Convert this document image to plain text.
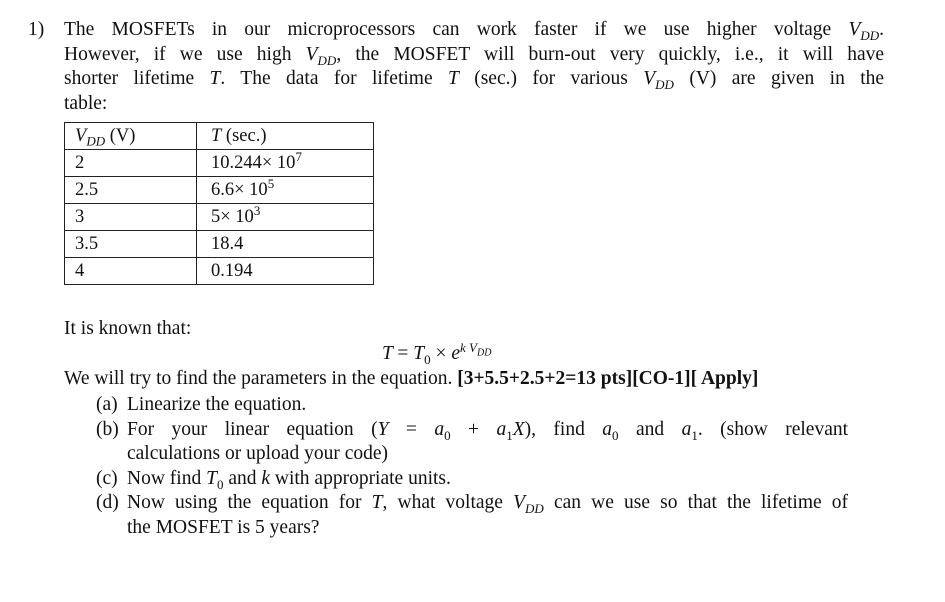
1) The MOSFETs in our microprocessors can work faster if we use higher voltage $V_{DD}$.
However, if we use high $V_{DD}$, the MOSFET will burn-out very quickly, i.e., it will have
shorter lifetime T. The data for lifetime T (sec.) for various $V_{DD}$ (V) are given in the
table:
$V_{DD}$ (V)	T (sec.)
2	$10.244\times 10^7$
2.5	$6.6\times 10^5$
3	$5\times 10^3$
3.5	18.4
4	0.194
It is known that:
$T = T_0 \times e^{k V_{DD}}$
We will try to find the parameters in the equation. [3+5.5+2.5+2=13 pts][CO-1][ Apply]
(a) Linearize the equation.
(b) For your linear equation $(Y = a_0 + a_1X)$, find $a_0$ and $a_1$. (show relevant
calculations or upload your code)
(c) Now find $T_0$ and k with appropriate units.
(d) Now using the equation for T, what voltage $V_{DD}$ can we use so that the lifetime of
the MOSFET is 5 years?
